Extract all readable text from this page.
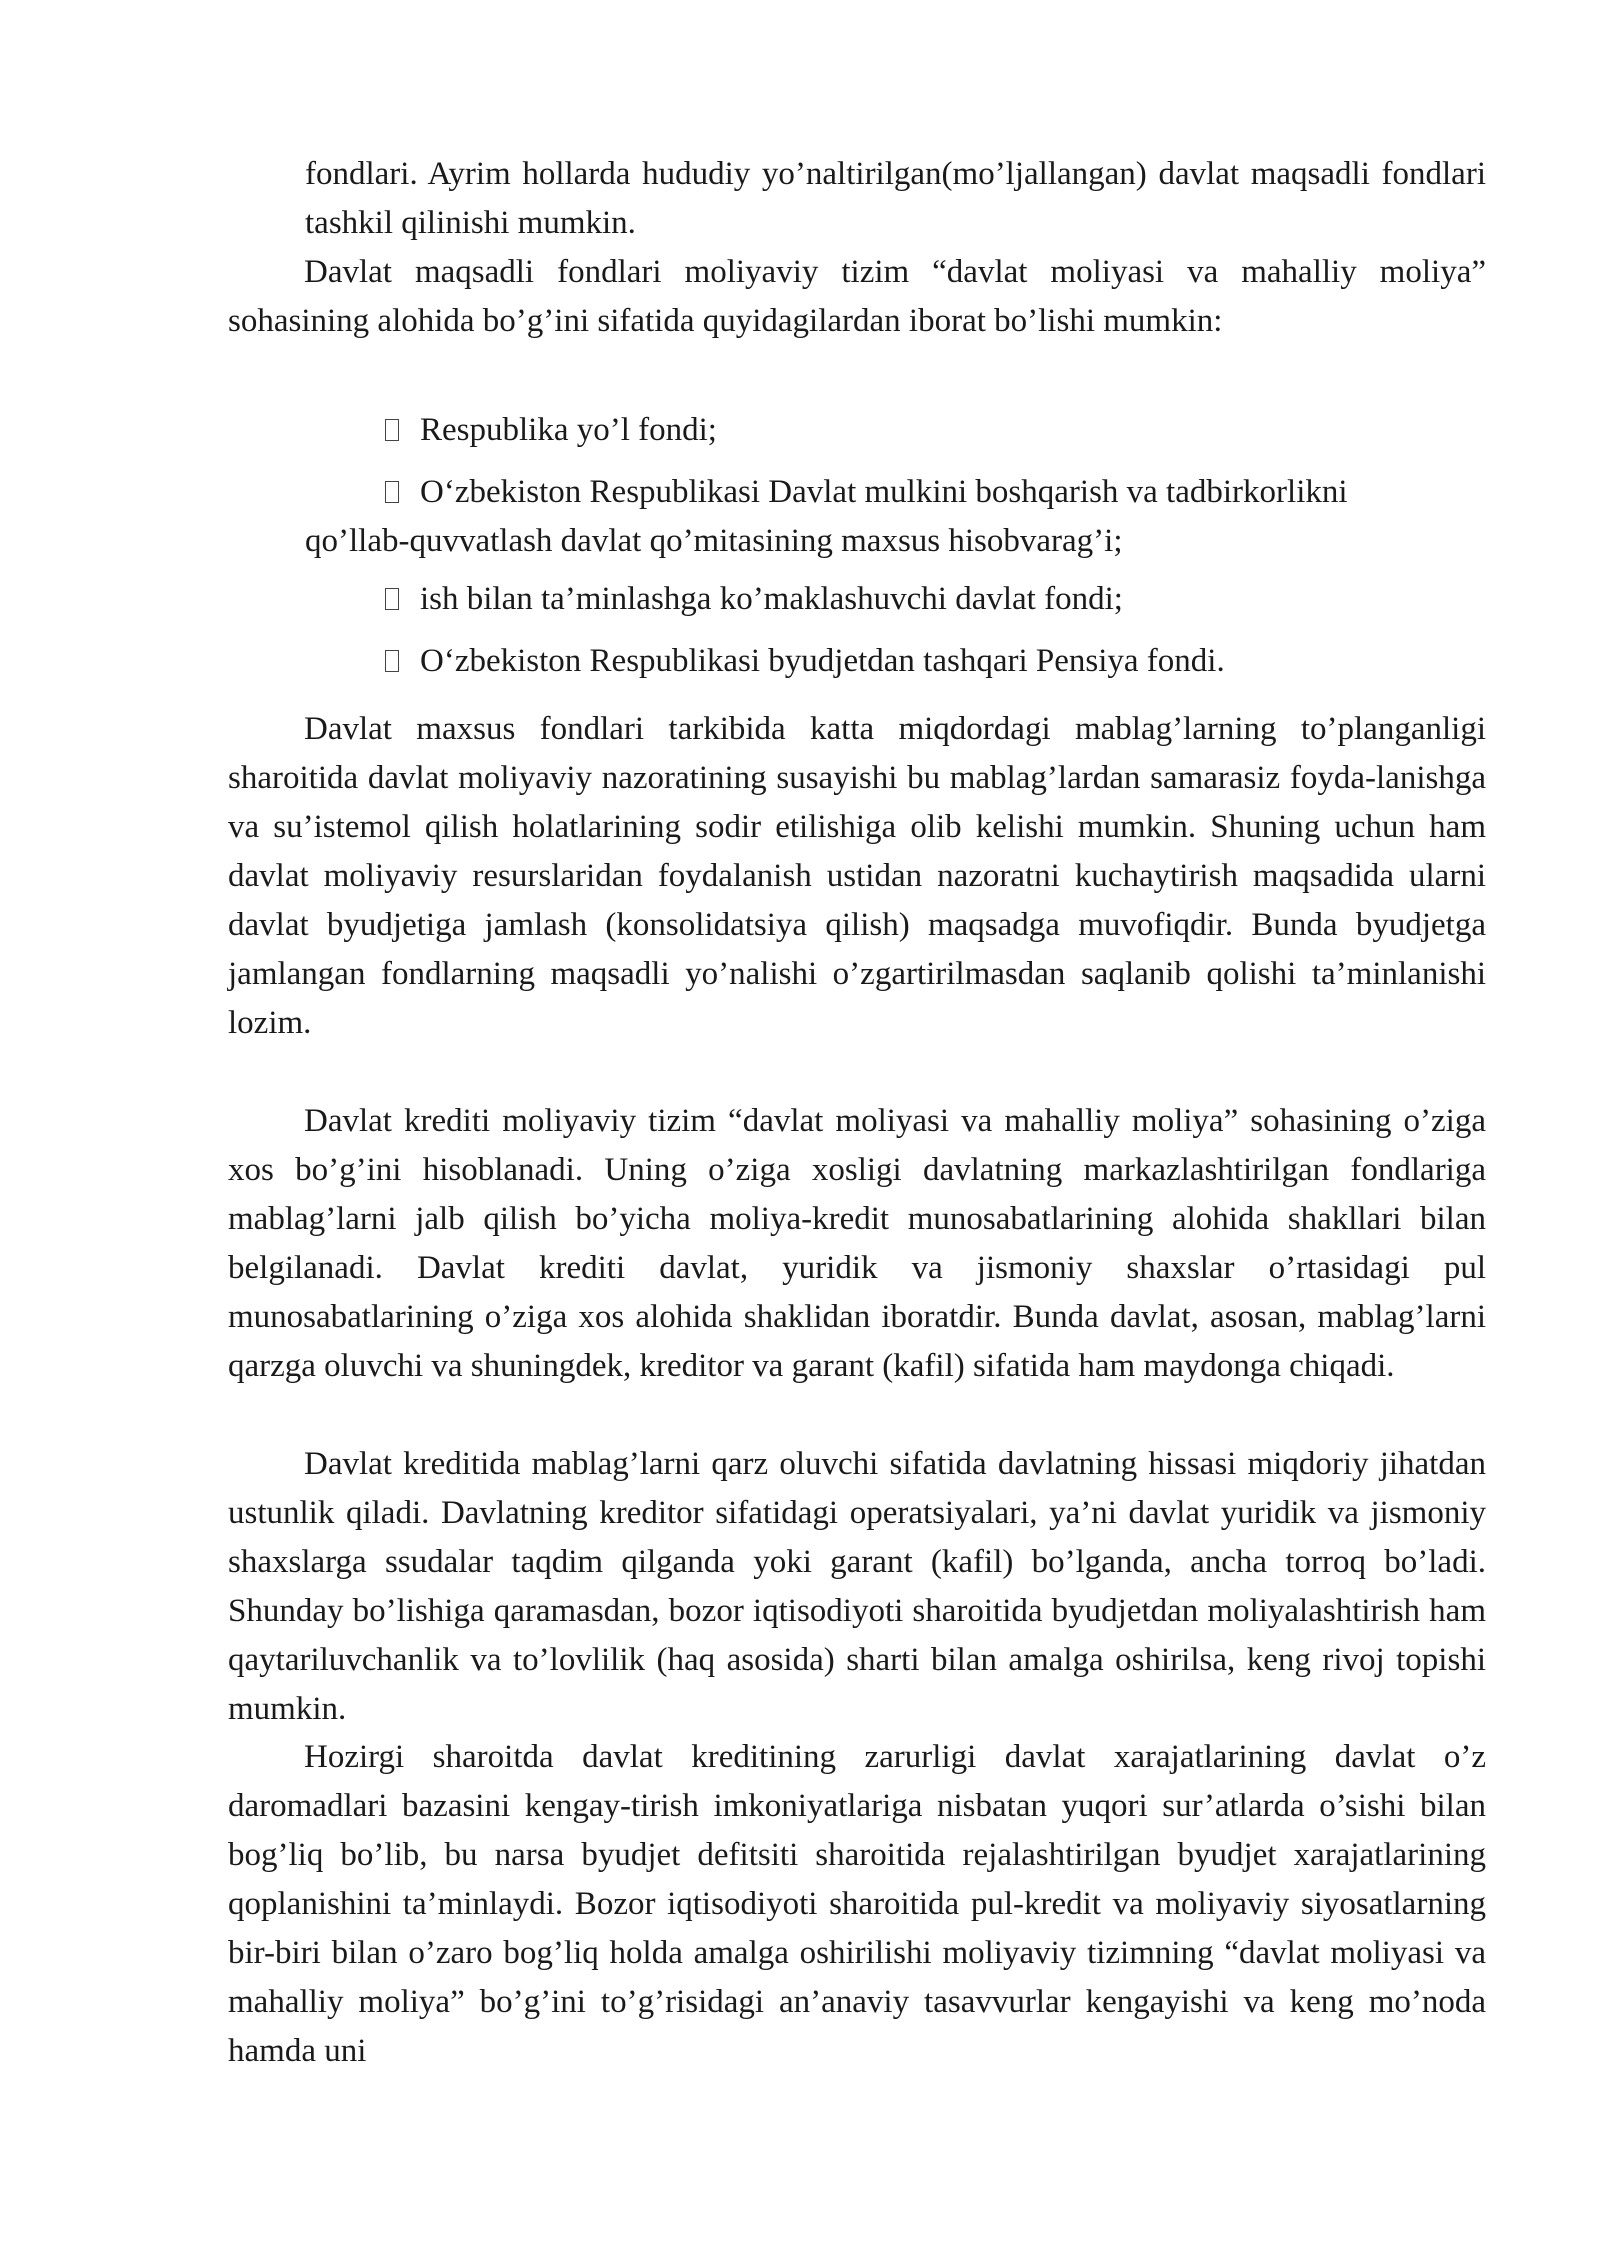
fondlari. Ayrim hollarda hududiy yo’naltirilgan(mo’ljallangan) davlat maqsadli fondlari tashkil qilinishi mumkin.

Davlat maqsadli fondlari moliyaviy tizim “davlat moliyasi va mahalliy moliya” sohasining alohida bo’g’ini sifatida quyidagilardan iborat bo’lishi mumkin:

Respublika yo’l fondi;
O‘zbekiston Respublikasi Davlat mulkini boshqarish va tadbirkorlikni
qo’llab-quvvatlash davlat qo’mitasining maxsus hisobvarag’i;
ish bilan ta’minlashga ko’maklashuvchi davlat fondi;
O‘zbekiston Respublikasi byudjetdan tashqari Pensiya fondi.

Davlat maxsus fondlari tarkibida katta miqdordagi mablag’larning to’planganligi sharoitida davlat moliyaviy nazoratining susayishi bu mablag’lardan samarasiz foyda-lanishga va su’istemol qilish holatlarining sodir etilishiga olib kelishi mumkin. Shuning uchun ham davlat moliyaviy resurslaridan foydalanish ustidan nazoratni kuchaytirish maqsadida ularni davlat byudjetiga jamlash (konsolidatsiya qilish) maqsadga muvofiqdir. Bunda byudjetga jamlangan fondlarning maqsadli yo’nalishi o’zgartirilmasdan saqlanib qolishi ta’minlanishi lozim.

Davlat krediti moliyaviy tizim “davlat moliyasi va mahalliy moliya” sohasining o’ziga xos bo’g’ini hisoblanadi. Uning o’ziga xosligi davlatning markazlashtirilgan fondlariga mablag’larni jalb qilish bo’yicha moliya-kredit munosabatlarining alohida shakllari bilan belgilanadi. Davlat krediti davlat, yuridik va jismoniy shaxslar o’rtasidagi pul munosabatlarining o’ziga xos alohida shaklidan iboratdir. Bunda davlat, asosan, mablag’larni qarzga oluvchi va shuningdek, kreditor va garant (kafil) sifatida ham maydonga chiqadi.

Davlat kreditida mablag’larni qarz oluvchi sifatida davlatning hissasi miqdoriy jihatdan ustunlik qiladi. Davlatning kreditor sifatidagi operatsiyalari, ya’ni davlat yuridik va jismoniy shaxslarga ssudalar taqdim qilganda yoki garant (kafil) bo’lganda, ancha torroq bo’ladi. Shunday bo’lishiga qaramasdan, bozor iqtisodiyoti sharoitida byudjetdan moliyalashtirish ham qaytariluvchanlik va to’lovlilik (haq asosida) sharti bilan amalga oshirilsa, keng rivoj topishi mumkin.

Hozirgi sharoitda davlat kreditining zarurligi davlat xarajatlarining davlat o’z daromadlari bazasini kengay-tirish imkoniyatlariga nisbatan yuqori sur’atlarda o’sishi bilan bog’liq bo’lib, bu narsa byudjet defitsiti sharoitida rejalashtirilgan byudjet xarajatlarining qoplanishini ta’minlaydi. Bozor iqtisodiyoti sharoitida pul-kredit va moliyaviy siyosatlarning bir-biri bilan o’zaro bog’liq holda amalga oshirilishi moliyaviy tizimning “davlat moliyasi va mahalliy moliya” bo’g’ini to’g’risidagi an’anaviy tasavvurlar kengayishi va keng mo’noda hamda uni
